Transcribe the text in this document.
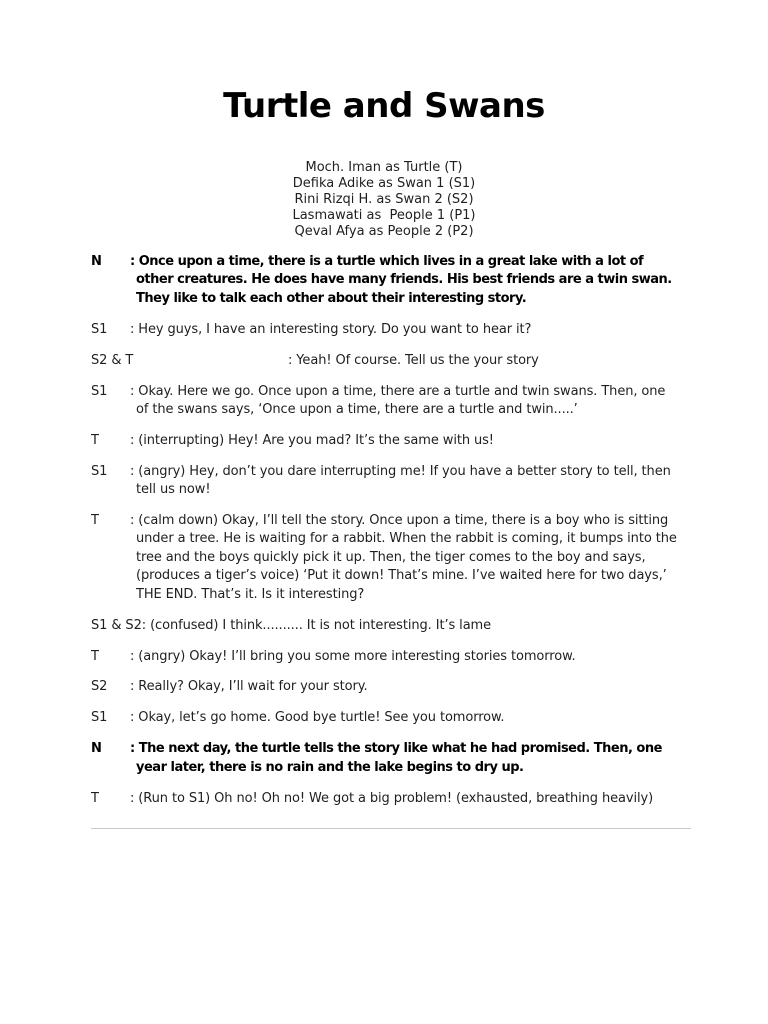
Turtle and Swans
Moch. Iman as Turtle (T)
Defika Adike as Swan 1 (S1)
Rini Rizqi H. as Swan 2 (S2)
Lasmawati as  People 1 (P1)
Qeval Afya as People 2 (P2)
N	: Once upon a time, there is a turtle which lives in a great lake with a lot of other creatures. He does have many friends. His best friends are a twin swan. They like to talk each other about their interesting story.
S1	: Hey guys, I have an interesting story. Do you want to hear it?
S2 & T	: Yeah! Of course. Tell us the your story
S1	: Okay. Here we go. Once upon a time, there are a turtle and twin swans. Then, one of the swans says, ‘Once upon a time, there are a turtle and twin.....’
T	: (interrupting) Hey! Are you mad? It’s the same with us!
S1	: (angry) Hey, don’t you dare interrupting me! If you have a better story to tell, then tell us now!
T	: (calm down) Okay, I’ll tell the story. Once upon a time, there is a boy who is sitting under a tree. He is waiting for a rabbit. When the rabbit is coming, it bumps into the tree and the boys quickly pick it up. Then, the tiger comes to the boy and says, (produces a tiger’s voice) ‘Put it down! That’s mine. I’ve waited here for two days,’ THE END. That’s it. Is it interesting?
S1 & S2: (confused) I think.......... It is not interesting. It’s lame
T	: (angry) Okay! I’ll bring you some more interesting stories tomorrow.
S2	: Really? Okay, I’ll wait for your story.
S1	: Okay, let’s go home. Good bye turtle! See you tomorrow.
N	: The next day, the turtle tells the story like what he had promised. Then, one year later, there is no rain and the lake begins to dry up.
T	: (Run to S1) Oh no! Oh no! We got a big problem! (exhausted, breathing heavily)
